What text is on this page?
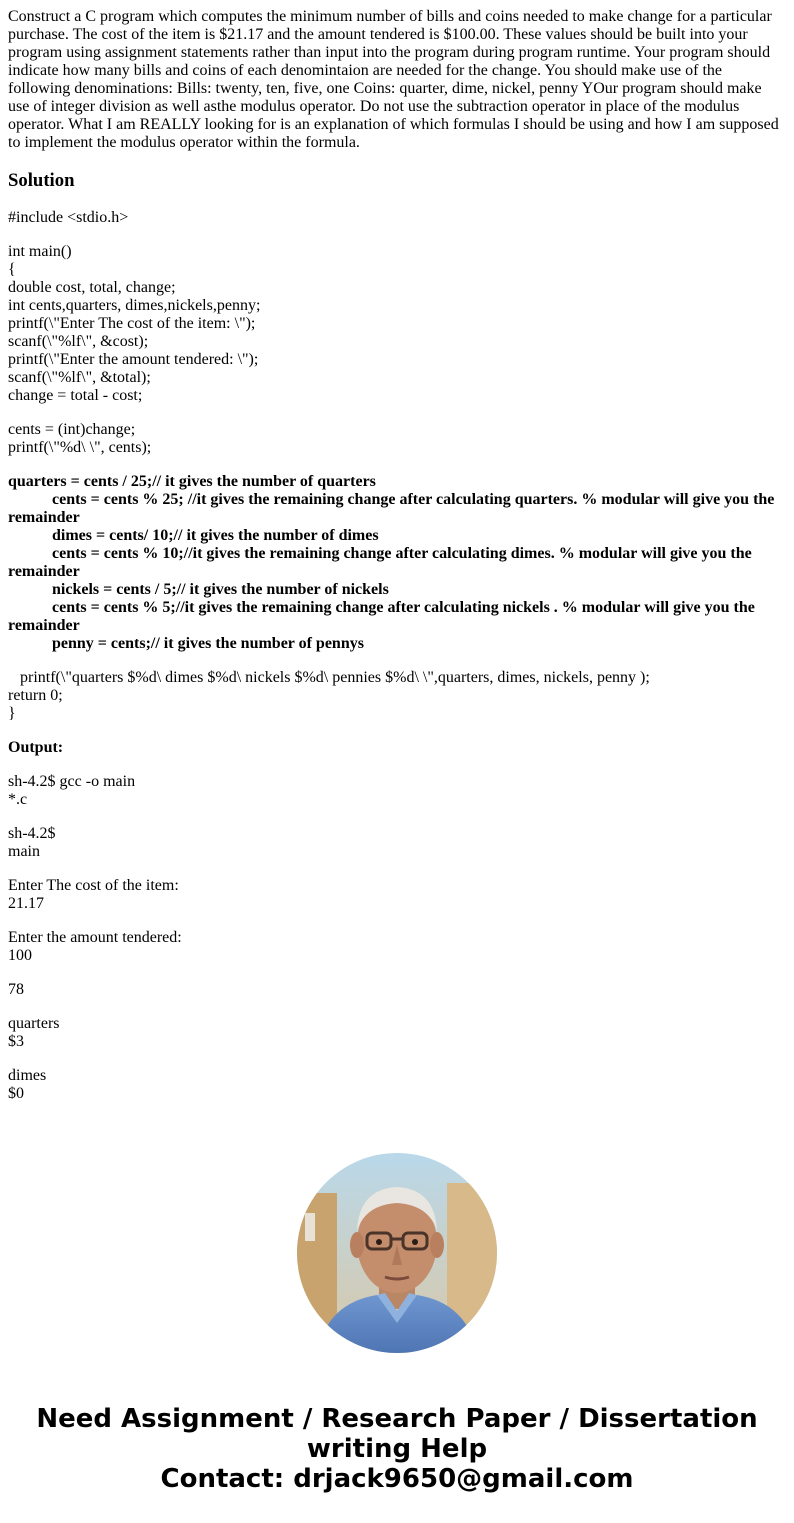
Construct a C program which computes the minimum number of bills and coins needed to make change for a particular purchase. The cost of the item is $21.17 and the amount tendered is $100.00. These values should be built into your program using assignment statements rather than input into the program during program runtime. Your program should indicate how many bills and coins of each denomintaion are needed for the change. You should make use of the following denominations: Bills: twenty, ten, five, one Coins: quarter, dime, nickel, penny YOur program should make use of integer division as well asthe modulus operator. Do not use the subtraction operator in place of the modulus operator. What I am REALLY looking for is an explanation of which formulas I should be using and how I am supposed to implement the modulus operator within the formula.

Solution
#include <stdio.h>
int main()
{
double cost, total, change;
int cents,quarters, dimes,nickels,penny;
printf(\"Enter The cost of the item: \");
scanf(\"%lf\", &cost);
printf(\"Enter the amount tendered: \");
scanf(\"%lf\", &total);
change = total - cost;
cents = (int)change;
printf(\"%d\ \", cents);
quarters = cents / 25;// it gives the number of quarters
cents = cents % 25; //it gives the remaining change after calculating quarters. % modular will give you the
remainder
dimes = cents/ 10;// it gives the number of dimes
cents = cents % 10;//it gives the remaining change after calculating dimes. % modular will give you the
remainder
nickels = cents / 5;// it gives the number of nickels
cents = cents % 5;//it gives the remaining change after calculating nickels . % modular will give you the
remainder
penny = cents;// it gives the number of pennys
printf(\"quarters $%d\ dimes $%d\ nickels $%d\ pennies $%d\ \",quarters, dimes, nickels, penny );
return 0;
}
Output:
sh-4.2$ gcc -o main
*.c
sh-4.2$
main
Enter The cost of the item:
21.17
Enter the amount tendered:
100
78
quarters
$3
dimes
$0
Need Assignment / Research Paper / Dissertation
writing Help
Contact: drjack9650@gmail.com
